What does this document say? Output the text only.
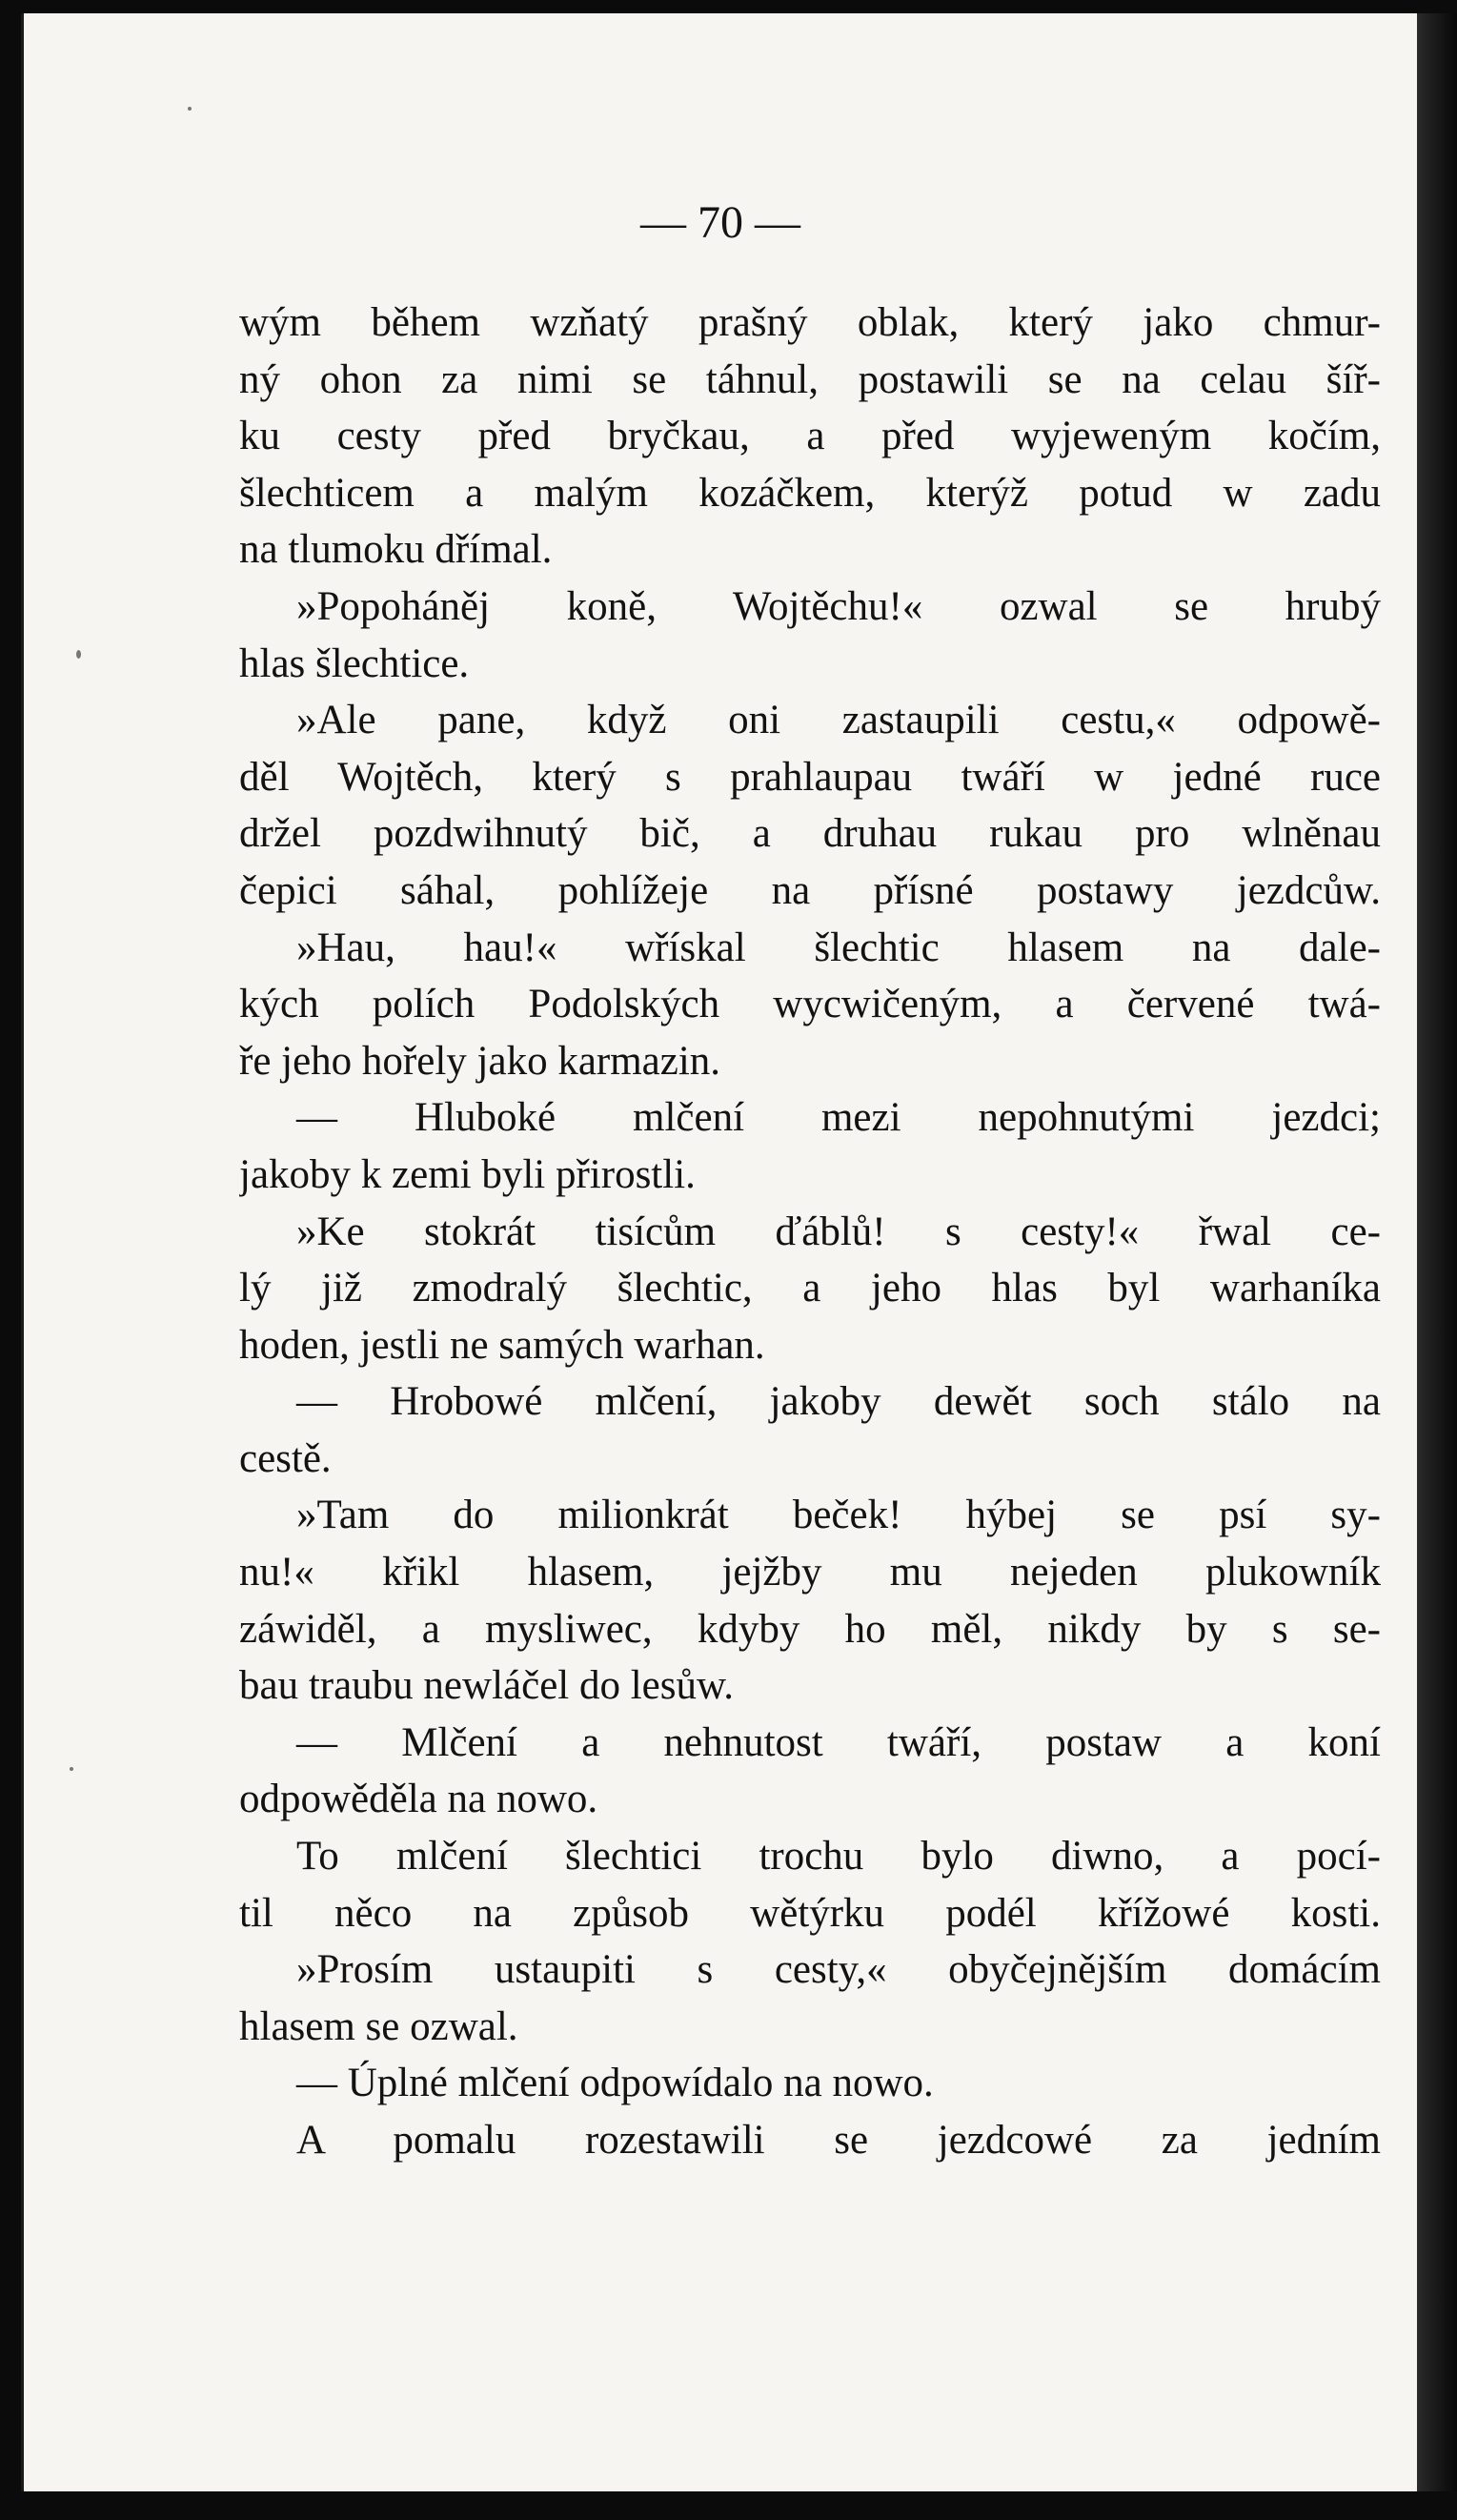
— 70 —
wým během wzňatý prašný oblak, který jako chmur-
ný ohon za nimi se táhnul, postawili se na celau šíř-
ku cesty před bryčkau, a před wyjeweným kočím,
šlechticem a malým kozáčkem, kterýž potud w zadu
na tlumoku dřímal.
»Popoháněj koně, Wojtěchu!« ozwal se hrubý
hlas šlechtice.
»Ale pane, když oni zastaupili cestu,« odpowě-
děl Wojtěch, který s prahlaupau twáří w jedné ruce
držel pozdwihnutý bič, a druhau rukau pro wlněnau
čepici sáhal, pohlížeje na přísné postawy jezdcůw.
»Hau, hau!« wřískal šlechtic hlasem na dale-
kých polích Podolských wycwičeným, a červené twá-
ře jeho hořely jako karmazin.
— Hluboké mlčení mezi nepohnutými jezdci;
jakoby k zemi byli přirostli.
»Ke stokrát tisícům ďáblů! s cesty!« řwal ce-
lý již zmodralý šlechtic, a jeho hlas byl warhaníka
hoden, jestli ne samých warhan.
— Hrobowé mlčení, jakoby dewět soch stálo na
cestě.
»Tam do milionkrát beček! hýbej se psí sy-
nu!« křikl hlasem, jejžby mu nejeden plukowník
záwiděl, a mysliwec, kdyby ho měl, nikdy by s se-
bau traubu newláčel do lesůw.
— Mlčení a nehnutost twáří, postaw a koní
odpowěděla na nowo.
To mlčení šlechtici trochu bylo diwno, a pocí-
til něco na způsob wětýrku podél křížowé kosti.
»Prosím ustaupiti s cesty,« obyčejnějším domácím
hlasem se ozwal.
— Úplné mlčení odpowídalo na nowo.
A pomalu rozestawili se jezdcowé za jedním
